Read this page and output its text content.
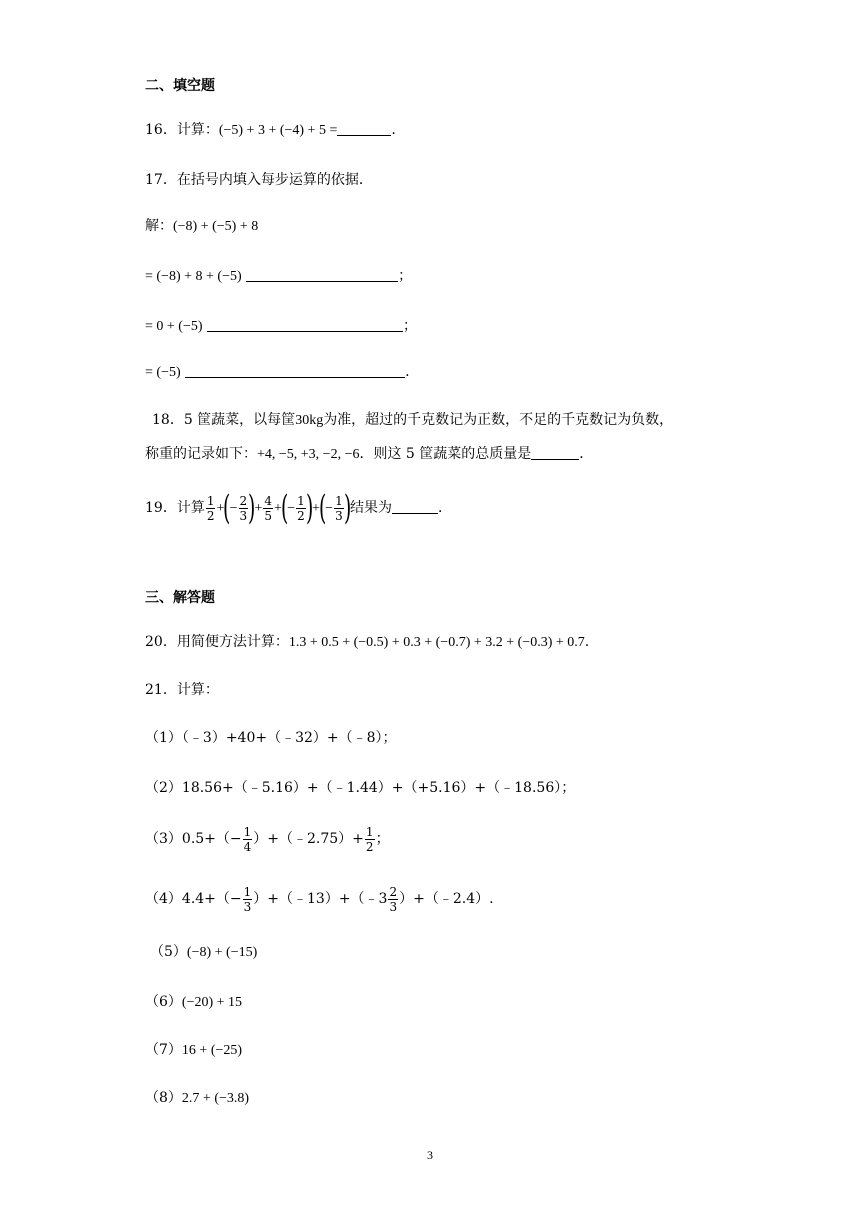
二、填空题
16．计算：(−5) + 3 + (−4) + 5 =	.
17．在括号内填入每步运算的依据．
解：(−8) + (−5) + 8
= (−8) + 8 + (−5)	；
= 0 + (−5)	；
= (−5)	.
18．5 筐蔬菜，以每筐30kg为准，超过的千克数记为正数，不足的千克数记为负数，
称重的记录如下：+4, −5, +3, −2, −6．则这 5 筐蔬菜的总质量是	．
19．计算 $\frac{1}{2}$ +(− $\frac{2}{3}$ )+ $\frac{4}{5}$ +(− $\frac{1}{2}$ )+(− $\frac{1}{3}$ )结果为	．
三、解答题
20．用简便方法计算：1.3 + 0.5 + (−0.5) + 0.3 + (−0.7) + 3.2 + (−0.3) + 0.7.
21．计算：
（1）（﹣3）+40+（﹣32）+（﹣8）；
（2）18.56+（﹣5.16）+（﹣1.44）+（+5.16）+（﹣18.56）；
$(3)0.5+(- \frac{1}{4}$ ）+（﹣2.75）+ $\frac{1}{2}$ ；
$(4)4.4+(- \frac{1}{3}$ ）+（﹣13）+（﹣3 $\frac{2}{3}$ ）+（﹣2.4）.
（5）(−8) + (−15)
（6）(−20) + 15
（7）16 + (−25)
（8）2.7 + (−3.8)
3
